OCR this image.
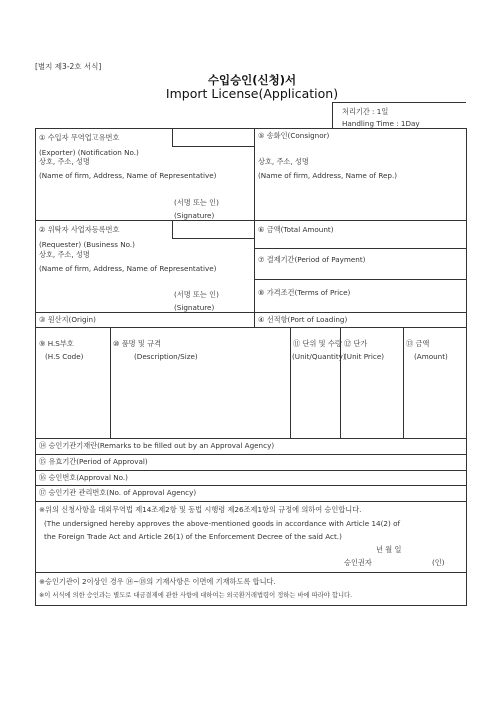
[별지 제3-2호 서식]
수입승인(신청)서
Import License(Application)
처리기간 : 1일
Handling Time : 1Day
① 수입자 무역업고유번호
(Exporter) (Notification No.)
상호, 주소, 성명
(Name of firm, Address, Name of Representative)
(서명 또는 인)
(Signature)
⑤ 송화인(Consignor)
상호, 주소, 성명
(Name of firm, Address, Name of Rep.)
② 위탁자 사업자등록번호
(Requester) (Business No.)
상호, 주소, 성명
(Name of firm, Address, Name of Representative)
(서명 또는 인)
(Signature)
⑥ 금액(Total Amount)
⑦ 결제기간(Period of Payment)
⑧ 가격조건(Terms of Price)
③ 원산지(Origin)	④ 선적항(Port of Loading)
⑨ H.S부호
(H.S Code)
⑩ 품명 및 규격
(Description/Size)
⑪ 단위 및 수량
(Unit/Quantity)
⑫ 단가
(Unit Price)
⑬ 금액
(Amount)
⑭ 승인기관기재란(Remarks to be filled out by an Approval Agency)
⑮ 유효기간(Period of Approval)
⑯ 승인번호(Approval No.)
⑰ 승인기관 관리번호(No. of Approval Agency)
※위의 신청사항을 대외무역법 제14조제2항 및 동법 시행령 제26조제1항의 규정에 의하여 승인합니다.
(The undersigned hereby approves the above-mentioned goods in accordance with Article 14(2) of
the Foreign Trade Act and Article 26(1) of the Enforcement Decree of the said Act.)
년 월 일
승인권자	(인)
※승인기관이 2이상인 경우 ⑭~⑱의 기재사항은 이면에 기재하도록 합니다.
※이 서식에 의한 승인과는 별도로 대금결제에 관한 사항에 대하여는 외국환거래법령이 정하는 바에 따라야 합니다.
